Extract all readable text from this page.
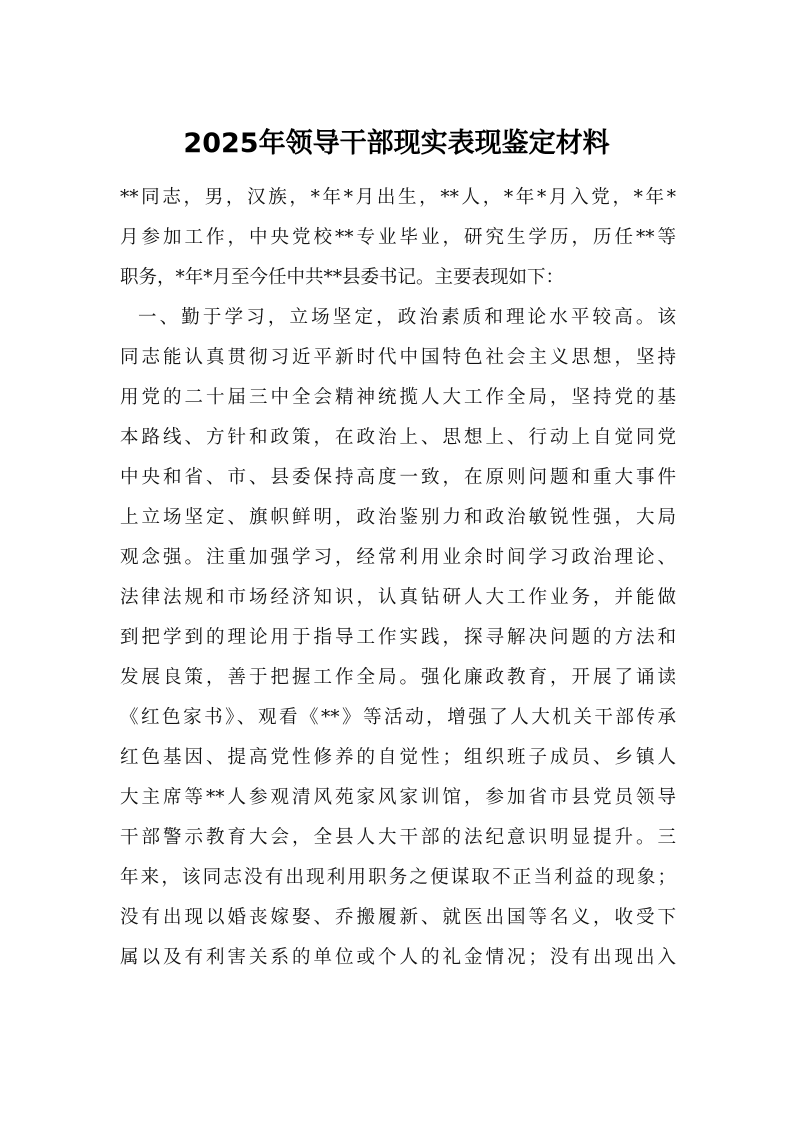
2025年领导干部现实表现鉴定材料
**同志，男，汉族，*年*月出生，**人，*年*月入党，*年*
月参加工作，中央党校**专业毕业，研究生学历，历任**等
职务，*年*月至今任中共**县委书记。主要表现如下：
一、勤于学习，立场坚定，政治素质和理论水平较高。该
同志能认真贯彻习近平新时代中国特色社会主义思想，坚持
用党的二十届三中全会精神统揽人大工作全局，坚持党的基
本路线、方针和政策，在政治上、思想上、行动上自觉同党
中央和省、市、县委保持高度一致，在原则问题和重大事件
上立场坚定、旗帜鲜明，政治鉴别力和政治敏锐性强，大局
观念强。注重加强学习，经常利用业余时间学习政治理论、
法律法规和市场经济知识，认真钻研人大工作业务，并能做
到把学到的理论用于指导工作实践，探寻解决问题的方法和
发展良策，善于把握工作全局。强化廉政教育，开展了诵读
《红色家书》、观看《**》等活动，增强了人大机关干部传承
红色基因、提高党性修养的自觉性；组织班子成员、乡镇人
大主席等**人参观清风苑家风家训馆，参加省市县党员领导
干部警示教育大会，全县人大干部的法纪意识明显提升。三
年来，该同志没有出现利用职务之便谋取不正当利益的现象；
没有出现以婚丧嫁娶、乔搬履新、就医出国等名义，收受下
属以及有利害关系的单位或个人的礼金情况；没有出现出入
